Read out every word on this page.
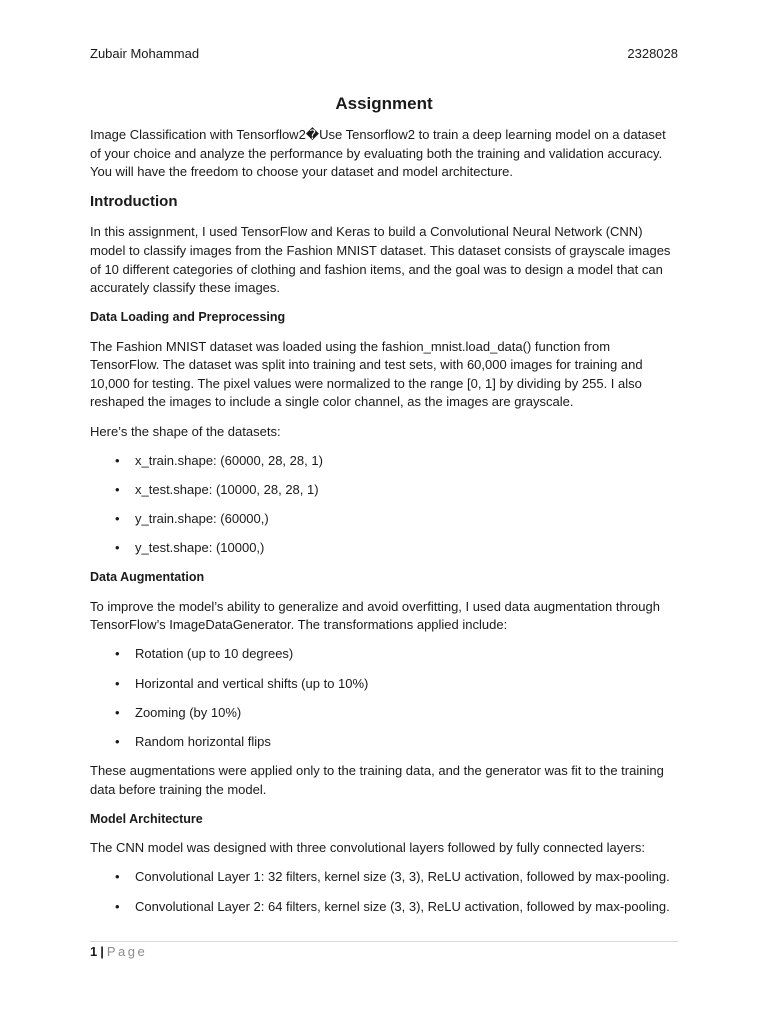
Zubair Mohammad	2328028
Assignment

Image Classification with Tensorflow2�Use Tensorflow2 to train a deep learning model on a dataset of your choice and analyze the performance by evaluating both the training and validation accuracy. You will have the freedom to choose your dataset and model architecture.

Introduction

In this assignment, I used TensorFlow and Keras to build a Convolutional Neural Network (CNN) model to classify images from the Fashion MNIST dataset. This dataset consists of grayscale images of 10 different categories of clothing and fashion items, and the goal was to design a model that can accurately classify these images.

Data Loading and Preprocessing

The Fashion MNIST dataset was loaded using the fashion_mnist.load_data() function from TensorFlow. The dataset was split into training and test sets, with 60,000 images for training and 10,000 for testing. The pixel values were normalized to the range [0, 1] by dividing by 255. I also reshaped the images to include a single color channel, as the images are grayscale.

Here’s the shape of the datasets:

• x_train.shape: (60000, 28, 28, 1)
• x_test.shape: (10000, 28, 28, 1)
• y_train.shape: (60000,)
• y_test.shape: (10000,)
Data Augmentation

To improve the model’s ability to generalize and avoid overfitting, I used data augmentation through TensorFlow’s ImageDataGenerator. The transformations applied include:

• Rotation (up to 10 degrees)
• Horizontal and vertical shifts (up to 10%)
• Zooming (by 10%)
• Random horizontal flips

These augmentations were applied only to the training data, and the generator was fit to the training data before training the model.

Model Architecture

The CNN model was designed with three convolutional layers followed by fully connected layers:

• Convolutional Layer 1: 32 filters, kernel size (3, 3), ReLU activation, followed by max-pooling.
• Convolutional Layer 2: 64 filters, kernel size (3, 3), ReLU activation, followed by max-pooling.
1 | Page
